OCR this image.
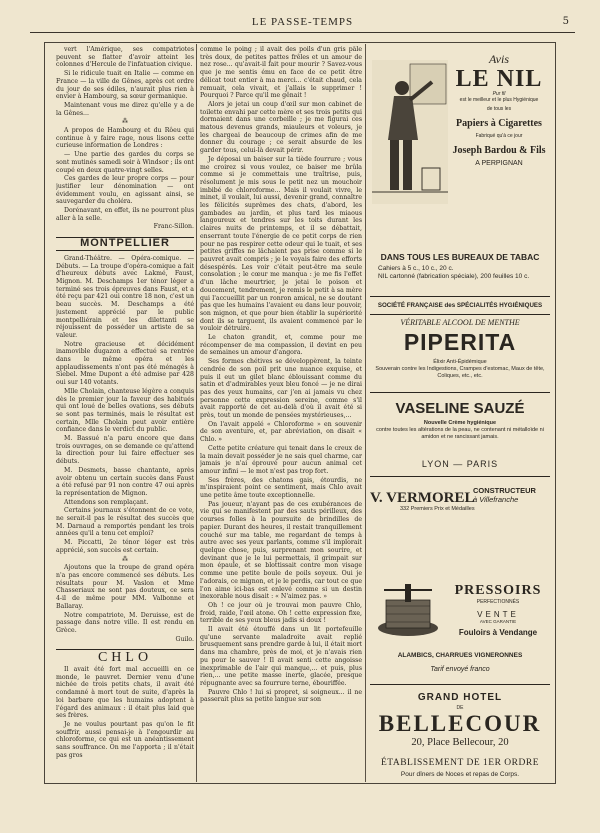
LE PASSE-TEMPS	5

vert l'Amérique, ses compatriotes peuvent se flatter d'avoir atteint les colonnes d'Hercule de l'infatuation civique.

Si le ridicule tuait en Italie — comme en France — la ville de Gênes, après cet ordre du jour de ses édiles, n'aurait plus rien à envier à Hambourg, sa sœur germanique.

Maintenant vous me direz qu'elle y a de la Gênes...

⁂

A propos de Hambourg et du Rôeu qui continue à y faire rage, nous lisons cette curieuse information de Londres :

— Une partie des gardes du corps se sont mutinés samedi soir à Windsor ; ils ont coupé en deux quatre-vingt selles.

Ces gardes de leur propre corps — pour justifier leur dénomination — ont évidemment voulu, en agissant ainsi, se sauvegarder du choléra.

Dorénavant, en effet, ils ne pourront plus aller à la selle.

Franc-Sillon.

MONTPELLIER

Grand-Théâtre. — Opéra-comique. — Débuts. — La troupe d'opéra-comique a fait d'heureux débuts avec Lakmé, Faust, Mignon. M. Deschamps 1er ténor léger a terminé ses trois épreuves dans Faust, et a été reçu par 421 oui contre 18 non, c'est un beau succès. M. Deschamps a été justement apprécié par le public montpelliérain et les dilettanti se réjouissent de posséder un artiste de sa valeur.

Notre gracieuse et décidément inamovible dugazon a effectué sa rentrée dans le même opéra et les applaudissements n'ont pas été ménagés à Siebel. Mme Dupont a été admise par 428 oui sur 140 votants.

Mlle Cholain, chanteuse légère a conquis dès le premier jour la faveur des habitués qui ont loué de belles ovations, ses débuts se sont pas terminés, mais le résultat est certain, Mlle Cholain peut avoir entière confiance dans le verdict du public.

M. Bassué n'a paru encore que dans trois ouvrages, on se demande ce qu'attend la direction pour lui faire effectuer ses débuts.

M. Desmets, basse chantante, après avoir obtenu un certain succès dans Faust a été refusé par 91 non contre 47 oui après la représentation de Mignon.

Attendons son remplaçant.

Certains journaux s'étonnent de ce vote, ne serait-il pas le résultat des succès que M. Darnaud a remportés pendant les trois années qu'il a tenu cet emploi?

M. Piccatti, 2e ténor léger est très apprécié, son succès est certain.

⁂

Ajoutons que la troupe de grand opéra n'a pas encore commencé ses débuts. Les résultats pour M. Vaslon et Mme Chasseriaux ne sont pas douteux, ce sera 4-il de même pour MM. Valbonne et Ballaray.

Notre compatriote, M. Deruisse, est de passage dans notre ville. Il est rendu en Grèce.

Guilo.

CHLO

Il avait été fort mal accueilli en ce monde, le pauvret. Dernier venu d'une nichée de trois petits chats, il avait été condamné à mort tout de suite, d'après la loi barbare que les humains adoptent à l'égard des animaux : il était plus laid que ses frères.

Je ne voulus pourtant pas qu'on le fit souffrir, aussi pensai-je à l'engourdir au chloroforme, ce qui est un anéantissement sans souffrance. On me l'apporta ; il n'était pas gros

comme le poing ; il avait des poils d'un gris pâle très doux, de petites pattes frêles et un amour de nez rose... qu'avait-il fait pour mourir ? Savez-vous que je me sentis ému en face de ce petit être délicat tout entier à ma merci... c'était chaud, cela remuait, cela vivait, et j'allais le supprimer ! Pourquoi ? Parce qu'il me gênait !

Alors je jetai un coup d'œil sur mon cabinet de toilette envahi par cette mère et ses trois petits qui dormaient dans une corbeille ; je me figurai ces matous devenus grands, miauleurs et voleurs, je les chargeai de beaucoup de crimes afin de me donner du courage ; ce serait absurde de les garder tous, celui-là devait périr.

Je déposai un baiser sur la tiède fourrure ; vous me croirez si vous voulez, ce baiser me brûla comme si je commettais une traîtrise, puis, résolument je mis sous le petit nez un mouchoir imbibé de chloroforme... Mais il voulait vivre, le minet, il voulait, lui aussi, devenir grand, connaître les félicités suprêmes des chats, d'abord, les gambades au jardin, et plus tard les miaous langoureux et tendres sur les toits durant les claires nuits de printemps, et il se débattait, enserrant toute l'énergie de ce petit corps de rien pour ne pas respirer cette odeur qui le tuait, et ses petites griffes ne lâchaient pas prise comme si le pauvret avait compris ; je le voyais faire des efforts désespérés. Les voir c'était peut-être ma seule consolation ; le cœur me manqua : je me fis l'effet d'un lâche meurtrier, je jetai le poison et doucement, tendrement, je remis le petit à sa mère qui l'accueillit par un ronron amical, ne se doutant pas que les humains l'avaient eu dans leur pouvoir, son mignon, et que pour bien établir la supériorité dont ils se targuent, ils avaient commencé par le vouloir détruire.

Le chaton grandit, et, comme pour me récompenser de ma compassion, il devint en peu de semaines un amour d'angora.

Ses formes chétives se développèrent, la teinte cendrée de son poil prit une nuance exquise, et puis il eut un gilet blanc éblouissant comme du satin et d'admirables yeux bleu foncé — je ne dirai pas des yeux humains, car j'en ai jamais vu chez personne cette expression sereine, comme s'il avait rapporté de cet au-delà d'où il avait été si près, tout un monde de pensées mystérieuses,...

On l'avait appelé « Chloroforme » en souvenir de son aventure, et, par abréviation, on disait « Chlo. »

Cette petite créature qui tenait dans le creux de la main devait posséder je ne sais quel charme, car jamais je n'ai éprouvé pour aucun animal cet amour infini — le mot n'est pas trop fort.

Ses frères, des chatons gais, étourdis, ne m'inspiraient point ce sentiment, mais Chlo avait une petite âme toute exceptionnelle.

Pas joueur, n'ayant pas de ces exubérances de vie qui se manifestent par des sauts périlleux, des courses folles à la poursuite de brindilles de papier. Durant des heures, il restait tranquillement couché sur ma table, me regardant de temps à autre avec ses yeux parlants, comme s'il implorait quelque chose, puis, surprenant mon sourire, et devinant que je le lui permettais, il grimpait sur mon épaule, et se blottissait contre mon visage comme une petite boule de poils soyeux. Oui je l'adorais, ce mignon, et je le perdis, car tout ce que l'on aime ici-bas est enlevé comme si un destin inexorable nous disait : « N'aimez pas. »

Oh ! ce jour où je trouvai mon pauvre Chlo, froid, raide, l'œil atone. Oh ! cette expression fixe, terrible de ses yeux bleus jadis si doux !

Il avait été étouffé dans un lit portefeuille qu'une servante maladroite avait replié brusquement sans prendre garde à lui, il était mort dans ma chambre, près de moi, et je n'avais rien pu pour le sauver ! Il avait senti cette angoisse inexprimable de l'air qui manque,... et puis, plus rien,... une petite masse inerte, glacée, presque répugnante avec sa fourrure terne, ébouriffée.

Pauvre Chlo ! lui si propret, si soigneux... il ne passerait plus sa petite langue sur son

Avis
LE NIL
Pur fil
est le meilleur et le plus Hygiénique
de tous les
Papiers à Cigarettes
Fabriqué qu'à ce jour
Joseph Bardou & Fils
A PERPIGNAN
DANS TOUS LES BUREAUX DE TABAC
Cahiers à 5 c., 10 c., 20 c.
NIL cartonné (fabrication spéciale), 200 feuilles 10 c.
SOCIÉTÉ FRANÇAISE des SPÉCIALITÉS HYGIÉNIQUES
VÉRITABLE ALCOOL DE MENTHE
PIPERITA
Élixir Anti-Épidémique
Souverain contre les Indigestions, Crampes d'estomac, Maux de tête, Coliques, etc., etc.
VASELINE SAUZÉ
Nouvelle Crème hygiénique
contre toutes les altérations de la peau, ne contenant ni métalloïde ni amidon et ne rancissant jamais.
LYON — PARIS
V. VERMOREL
CONSTRUCTEUR
à Villefranche
332 Premiers Prix et Médailles
PRESSOIRS
PERFECTIONNÉS
VENTE
AVEC GARANTIE
Fouloirs à Vendange
ALAMBICS, CHARRUES VIGNERONNES
Tarif envoyé franco
GRAND HOTEL
DE
BELLECOUR
20, Place Bellecour, 20
ÉTABLISSEMENT DE 1ER ORDRE
Pour dîners de Noces et repas de Corps.
